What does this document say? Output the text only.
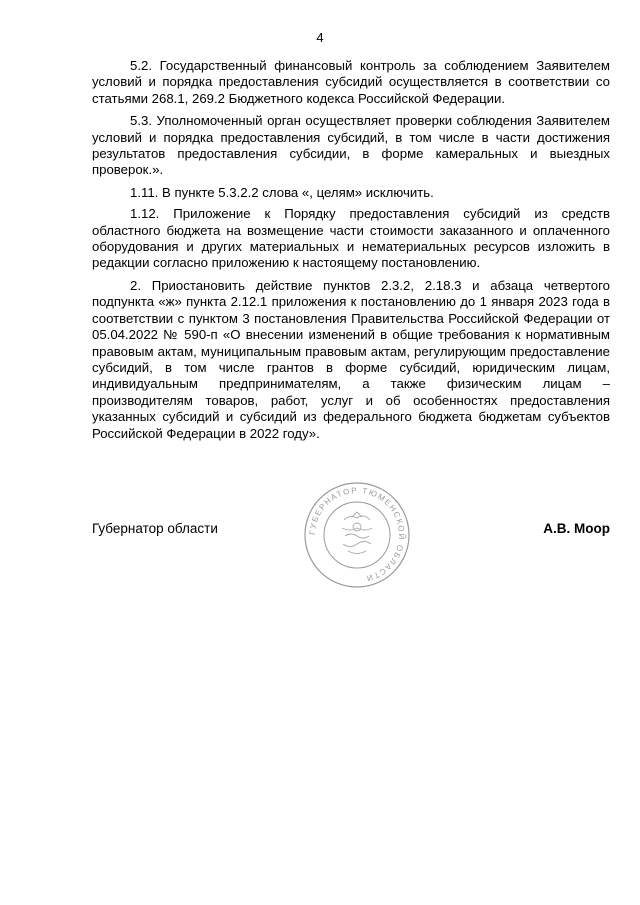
4

5.2. Государственный финансовый контроль за соблюдением Заявителем условий и порядка предоставления субсидий осуществляется в соответствии со статьями 268.1, 269.2 Бюджетного кодекса Российской Федерации.

5.3. Уполномоченный орган осуществляет проверки соблюдения Заявителем условий и порядка предоставления субсидий, в том числе в части достижения результатов предоставления субсидии, в форме камеральных и выездных проверок.».

1.11. В пункте 5.3.2.2 слова «, целям» исключить.

1.12. Приложение к Порядку предоставления субсидий из средств областного бюджета на возмещение части стоимости заказанного и оплаченного оборудования и других материальных и нематериальных ресурсов изложить в редакции согласно приложению к настоящему постановлению.

2. Приостановить действие пунктов 2.3.2, 2.18.3 и абзаца четвертого подпункта «ж» пункта 2.12.1 приложения к постановлению до 1 января 2023 года в соответствии с пунктом 3 постановления Правительства Российской Федерации от 05.04.2022 № 590-п «О внесении изменений в общие требования к нормативным правовым актам, муниципальным правовым актам, регулирующим предоставление субсидий, в том числе грантов в форме субсидий, юридическим лицам, индивидуальным предпринимателям, а также физическим лицам – производителям товаров, работ, услуг и об особенностях предоставления указанных субсидий и субсидий из федерального бюджета бюджетам субъектов Российской Федерации в 2022 году».

ГУБЕРНАТОР ТЮМЕНСКОЙ ОБЛАСТИ
Губернатор области	А.В. Моор
